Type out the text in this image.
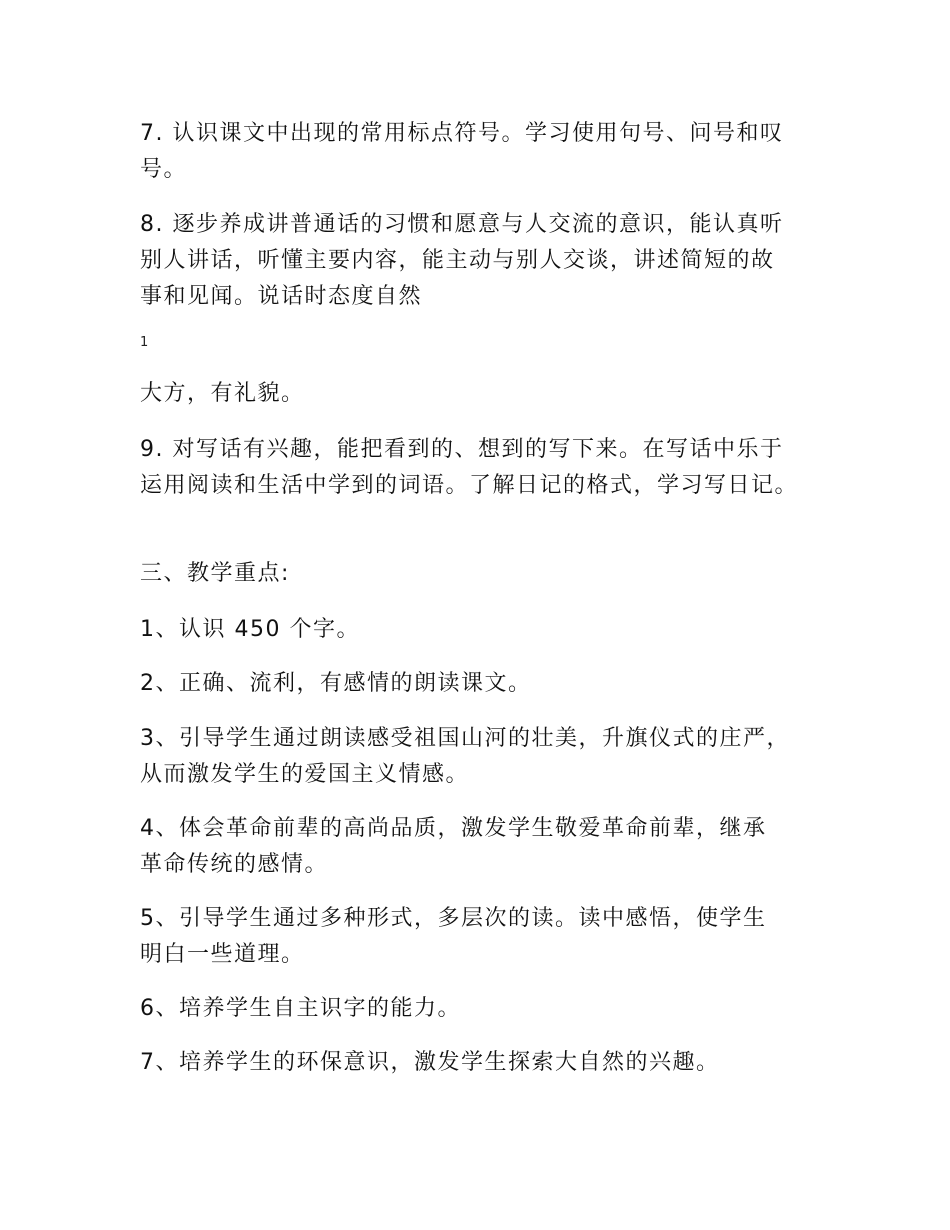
7. 认识课文中出现的常用标点符号。学习使用句号、问号和叹
号。
8. 逐步养成讲普通话的习惯和愿意与人交流的意识，能认真听
别人讲话，听懂主要内容，能主动与别人交谈，讲述简短的故
事和见闻。说话时态度自然
1
大方，有礼貌。
9. 对写话有兴趣，能把看到的、想到的写下来。在写话中乐于
运用阅读和生活中学到的词语。了解日记的格式，学习写日记。
三、教学重点:
1、认识 450 个字。
2、正确、流利，有感情的朗读课文。
3、引导学生通过朗读感受祖国山河的壮美，升旗仪式的庄严，
从而激发学生的爱国主义情感。
4、体会革命前辈的高尚品质，激发学生敬爱革命前辈，继承
革命传统的感情。
5、引导学生通过多种形式，多层次的读。读中感悟，使学生
明白一些道理。
6、培养学生自主识字的能力。
7、培养学生的环保意识，激发学生探索大自然的兴趣。
